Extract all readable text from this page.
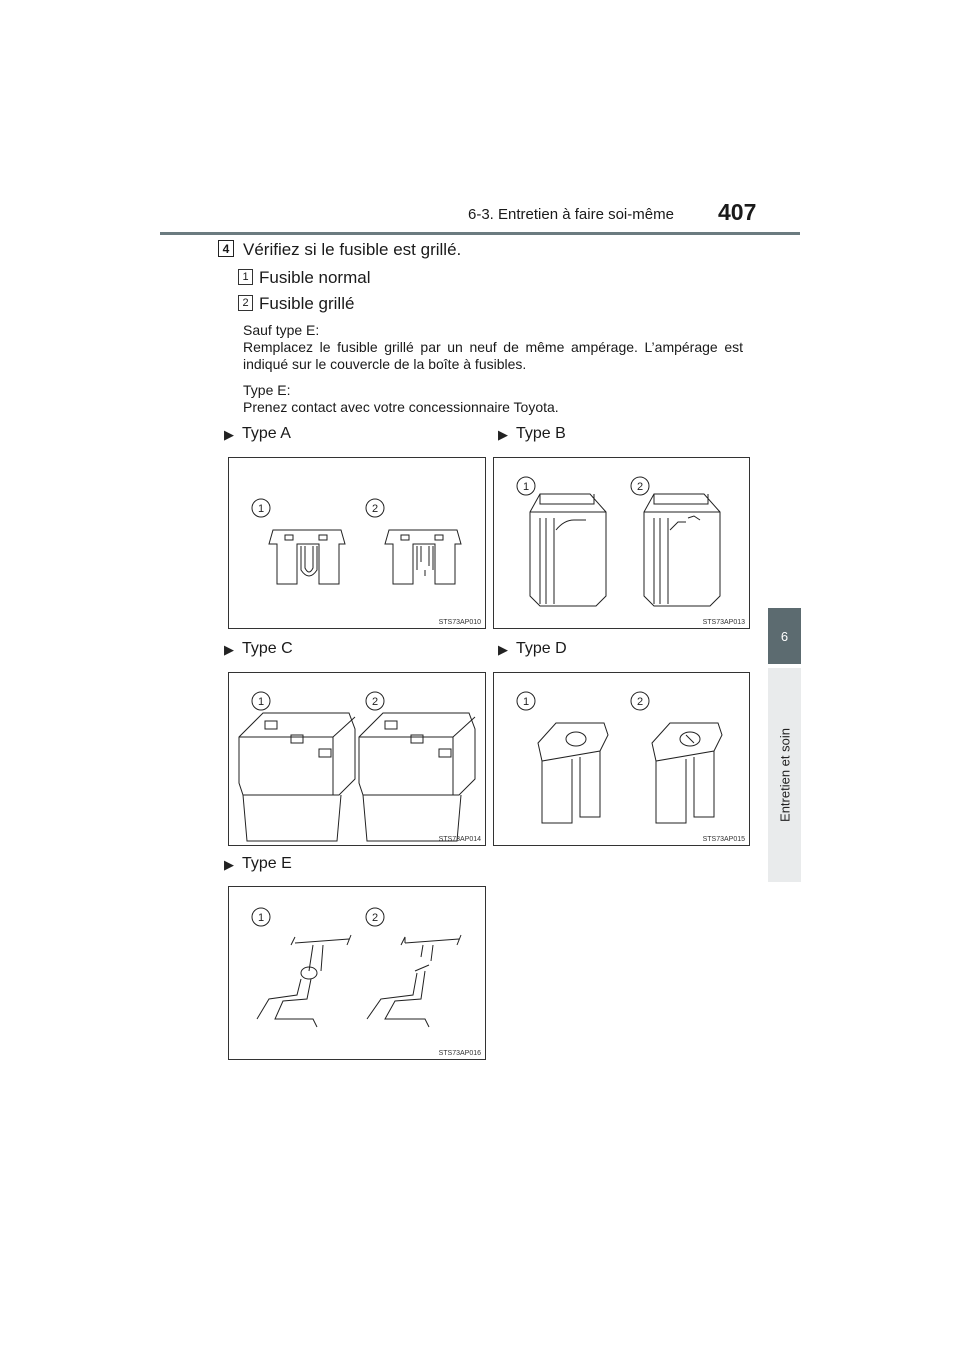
6-3. Entretien à faire soi-même 407
6
Entretien et soin
4 Vérifiez si le fusible est grillé.
1 Fusible normal
2 Fusible grillé
Sauf type E:
Remplacez le fusible grillé par un neuf de même ampérage. L’ampérage est indiqué sur le couvercle de la boîte à fusibles.
Type E:
Prenez contact avec votre concessionnaire Toyota.
▶ Type A	▶ Type B
▶ Type C	▶ Type D
▶ Type E
1	2
STS73AP010
1	2
STS73AP013
1	2
STS73AP014
1	2
STS73AP015
1	2
STS73AP016
